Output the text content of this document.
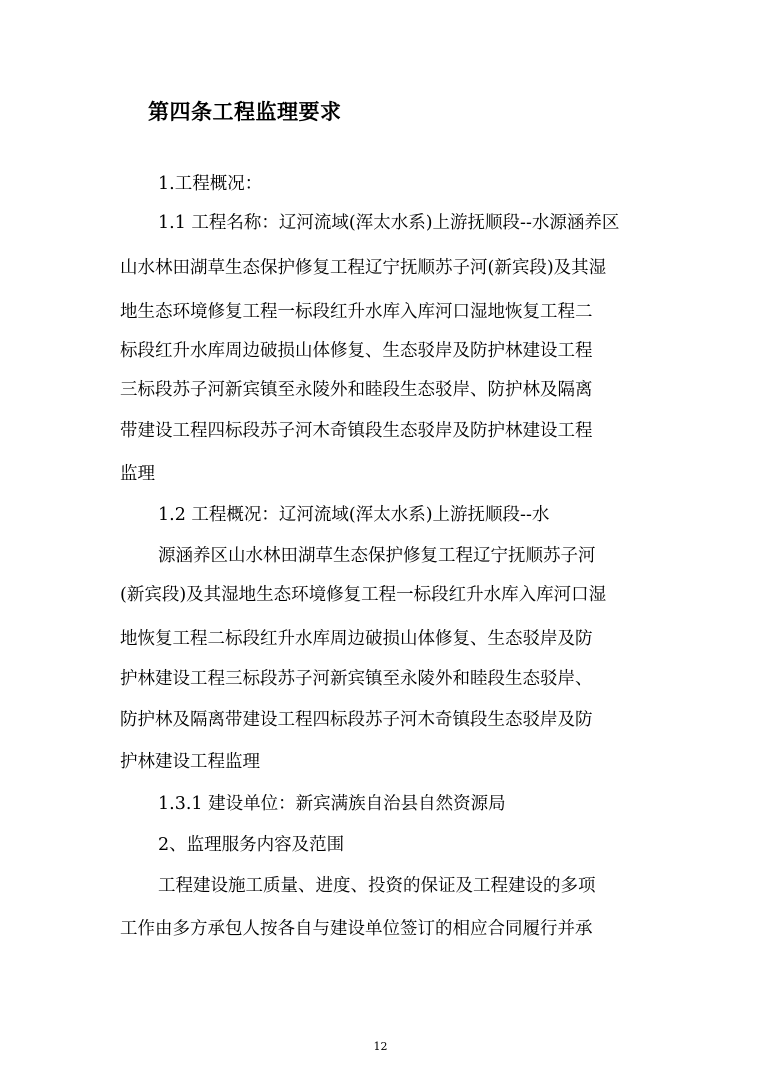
第四条工程监理要求
1.工程概况：
1.1 工程名称：辽河流域(浑太水系)上游抚顺段--水源涵养区
山水林田湖草生态保护修复工程辽宁抚顺苏子河(新宾段)及其湿
地生态环境修复工程一标段红升水库入库河口湿地恢复工程二
标段红升水库周边破损山体修复、生态驳岸及防护林建设工程
三标段苏子河新宾镇至永陵外和睦段生态驳岸、防护林及隔离
带建设工程四标段苏子河木奇镇段生态驳岸及防护林建设工程
监理
1.2 工程概况：辽河流域(浑太水系)上游抚顺段--水
源涵养区山水林田湖草生态保护修复工程辽宁抚顺苏子河
(新宾段)及其湿地生态环境修复工程一标段红升水库入库河口湿
地恢复工程二标段红升水库周边破损山体修复、生态驳岸及防
护林建设工程三标段苏子河新宾镇至永陵外和睦段生态驳岸、
防护林及隔离带建设工程四标段苏子河木奇镇段生态驳岸及防
护林建设工程监理
1.3.1 建设单位：新宾满族自治县自然资源局
2、监理服务内容及范围
工程建设施工质量、进度、投资的保证及工程建设的多项
工作由多方承包人按各自与建设单位签订的相应合同履行并承
12
